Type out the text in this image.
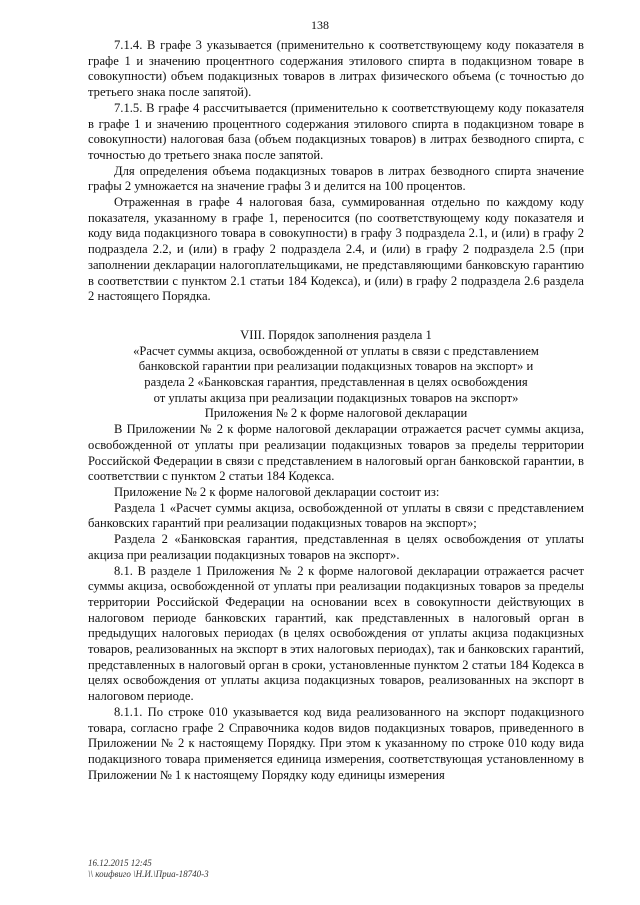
138

7.1.4. В графе 3 указывается (применительно к соответствующему коду показателя в графе 1 и значению процентного содержания этилового спирта в подакцизном товаре в совокупности) объем подакцизных товаров в литрах физического объема (с точностью до третьего знака после запятой).

7.1.5. В графе 4 рассчитывается (применительно к соответствующему коду показателя в графе 1 и значению процентного содержания этилового спирта в подакцизном товаре в совокупности) налоговая база (объем подакцизных товаров) в литрах безводного спирта, с точностью до третьего знака после запятой.

Для определения объема подакцизных товаров в литрах безводного спирта значение графы 2 умножается на значение графы 3 и делится на 100 процентов.

Отраженная в графе 4 налоговая база, суммированная отдельно по каждому коду показателя, указанному в графе 1, переносится (по соответствующему коду показателя и коду вида подакцизного товара в совокупности) в графу 3 подраздела 2.1, и (или) в графу 2 подраздела 2.2, и (или) в графу 2 подраздела 2.4, и (или) в графу 2 подраздела 2.5 (при заполнении декларации налогоплательщиками, не представляющими банковскую гарантию в соответствии с пунктом 2.1 статьи 184 Кодекса), и (или) в графу 2 подраздела 2.6 раздела 2 настоящего Порядка.

VIII. Порядок заполнения раздела 1
«Расчет суммы акциза, освобожденной от уплаты в связи с представлением
банковской гарантии при реализации подакцизных товаров на экспорт» и
раздела 2 «Банковская гарантия, представленная в целях освобождения
от уплаты акциза при реализации подакцизных товаров на экспорт»
Приложения № 2 к форме налоговой декларации

В Приложении № 2 к форме налоговой декларации отражается расчет суммы акциза, освобожденной от уплаты при реализации подакцизных товаров за пределы территории Российской Федерации в связи с представлением в налоговый орган банковской гарантии, в соответствии с пунктом 2 статьи 184 Кодекса.

Приложение № 2 к форме налоговой декларации состоит из:

Раздела 1 «Расчет суммы акциза, освобожденной от уплаты в связи с представлением банковских гарантий при реализации подакцизных товаров на экспорт»;

Раздела 2 «Банковская гарантия, представленная в целях освобождения от уплаты акциза при реализации подакцизных товаров на экспорт».

8.1. В разделе 1 Приложения № 2 к форме налоговой декларации отражается расчет суммы акциза, освобожденной от уплаты при реализации подакцизных товаров за пределы территории Российской Федерации на основании всех в совокупности действующих в налоговом периоде банковских гарантий, как представленных в налоговый орган в предыдущих налоговых периодах (в целях освобождения от уплаты акциза подакцизных товаров, реализованных на экспорт в этих налоговых периодах), так и банковских гарантий, представленных в налоговый орган в сроки, установленные пунктом 2 статьи 184 Кодекса в целях освобождения от уплаты акциза подакцизных товаров, реализованных на экспорт в налоговом периоде.

8.1.1. По строке 010 указывается код вида реализованного на экспорт подакцизного товара, согласно графе 2 Справочника кодов видов подакцизных товаров, приведенного в Приложении № 2 к настоящему Порядку. При этом к указанному по строке 010 коду вида подакцизного товара применяется единица измерения, соответствующая установленному в Приложении № 1 к настоящему Порядку коду единицы измерения

16.12.2015 12:45
\\ коифвиго \Н.И.\Приа-18740-3
